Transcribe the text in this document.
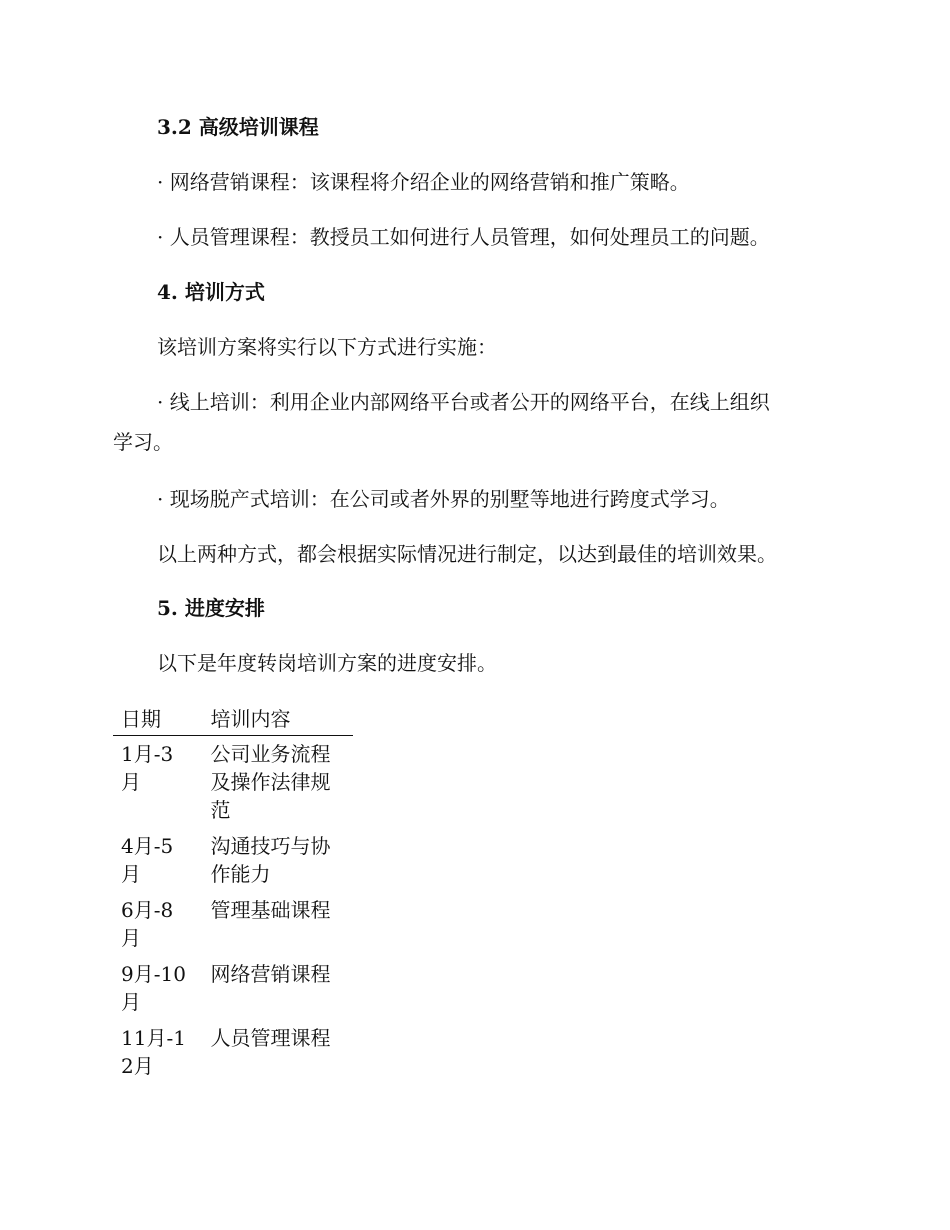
3.2 高级培训课程
· 网络营销课程：该课程将介绍企业的网络营销和推广策略。
· 人员管理课程：教授员工如何进行人员管理，如何处理员工的问题。
4. 培训方式
该培训方案将实行以下方式进行实施：
· 线上培训：利用企业内部网络平台或者公开的网络平台，在线上组织
学习。
· 现场脱产式培训：在公司或者外界的别墅等地进行跨度式学习。
以上两种方式，都会根据实际情况进行制定，以达到最佳的培训效果。
5. 进度安排
以下是年度转岗培训方案的进度安排。
日期	培训内容

1月-3月	公司业务流程及操作法律规范

4月-5月	沟通技巧与协作能力

6月-8月	管理基础课程

9月-10月	网络营销课程

11月-12月	人员管理课程
